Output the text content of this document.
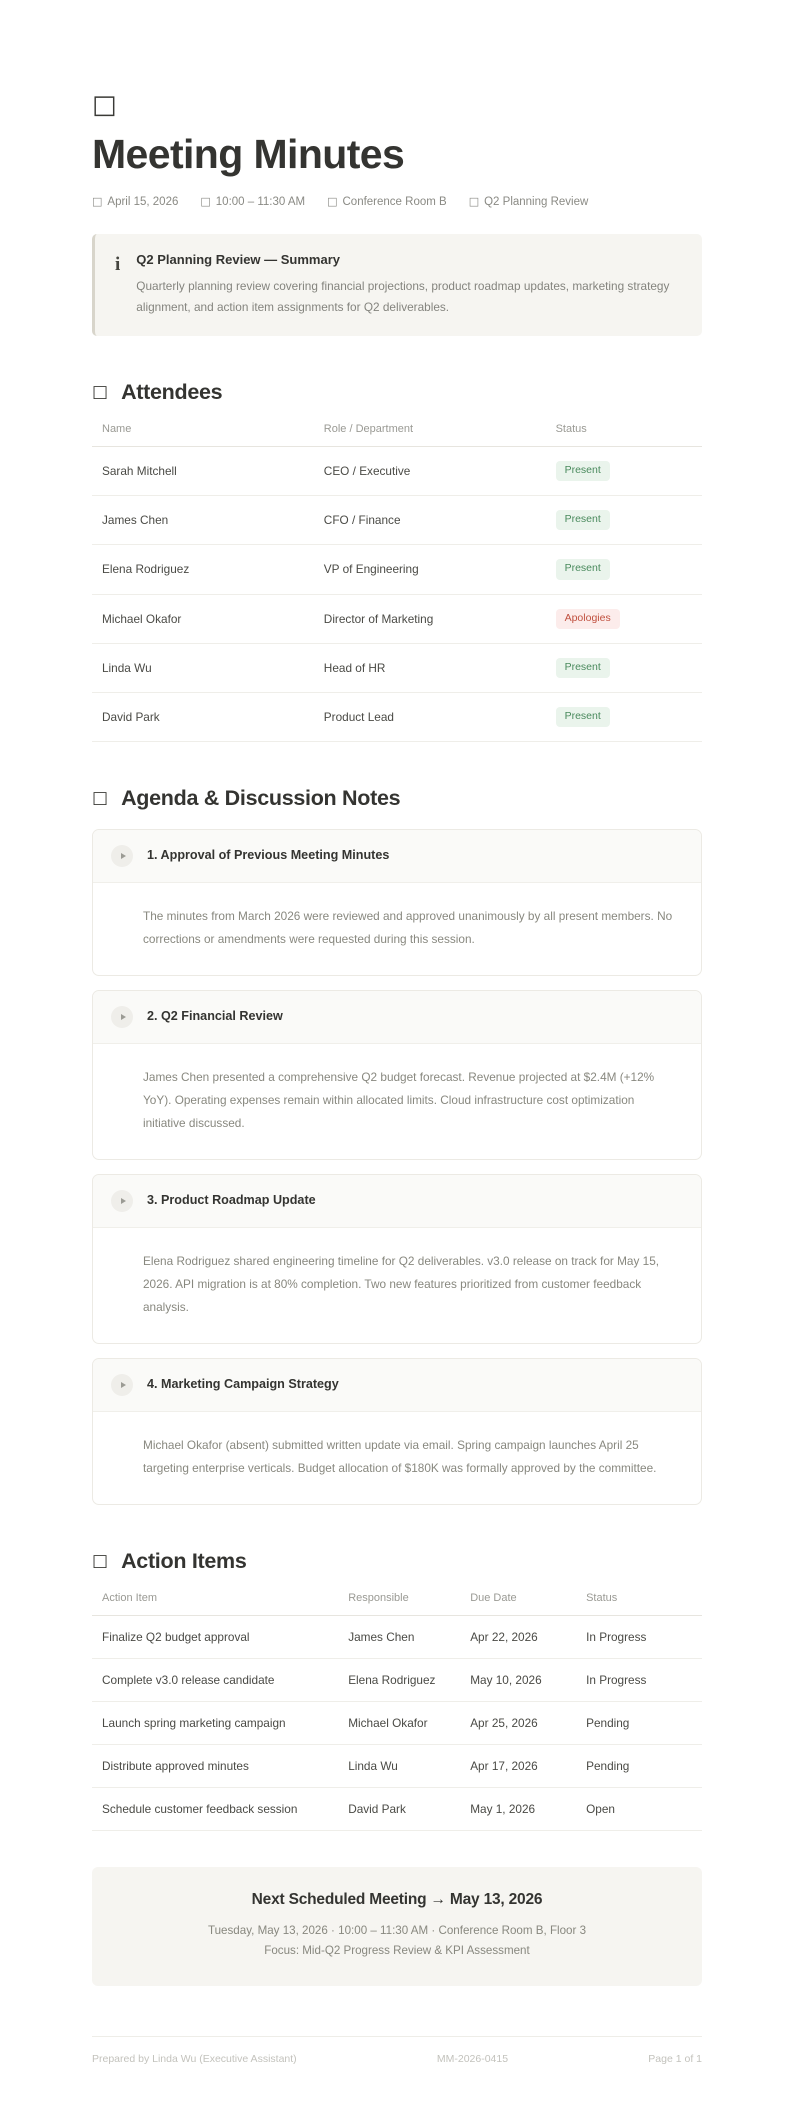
□
Meeting Minutes
□ April 15, 2026 □ 10:00 – 11:30 AM □ Conference Room B □ Q2 Planning Review
i Q2 Planning Review — Summary
Quarterly planning review covering financial projections, product roadmap updates, marketing strategy alignment, and action item assignments for Q2 deliverables.
□ Attendees
Name	Role / Department	Status
Sarah Mitchell	CEO / Executive	Present
James Chen	CFO / Finance	Present
Elena Rodriguez	VP of Engineering	Present
Michael Okafor	Director of Marketing	Apologies
Linda Wu	Head of HR	Present
David Park	Product Lead	Present
□ Agenda & Discussion Notes
1. Approval of Previous Meeting Minutes
The minutes from March 2026 were reviewed and approved unanimously by all present members. No corrections or amendments were requested during this session.
2. Q2 Financial Review
James Chen presented a comprehensive Q2 budget forecast. Revenue projected at $2.4M (+12% YoY). Operating expenses remain within allocated limits. Cloud infrastructure cost optimization initiative discussed.
3. Product Roadmap Update
Elena Rodriguez shared engineering timeline for Q2 deliverables. v3.0 release on track for May 15, 2026. API migration is at 80% completion. Two new features prioritized from customer feedback analysis.
4. Marketing Campaign Strategy
Michael Okafor (absent) submitted written update via email. Spring campaign launches April 25 targeting enterprise verticals. Budget allocation of $180K was formally approved by the committee.
□ Action Items
Action Item	Responsible	Due Date	Status
Finalize Q2 budget approval	James Chen	Apr 22, 2026	In Progress
Complete v3.0 release candidate	Elena Rodriguez	May 10, 2026	In Progress
Launch spring marketing campaign	Michael Okafor	Apr 25, 2026	Pending
Distribute approved minutes	Linda Wu	Apr 17, 2026	Pending
Schedule customer feedback session	David Park	May 1, 2026	Open
Next Scheduled Meeting → May 13, 2026
Tuesday, May 13, 2026 · 10:00 – 11:30 AM · Conference Room B, Floor 3
Focus: Mid-Q2 Progress Review & KPI Assessment
Prepared by Linda Wu (Executive Assistant)	MM-2026-0415	Page 1 of 1
